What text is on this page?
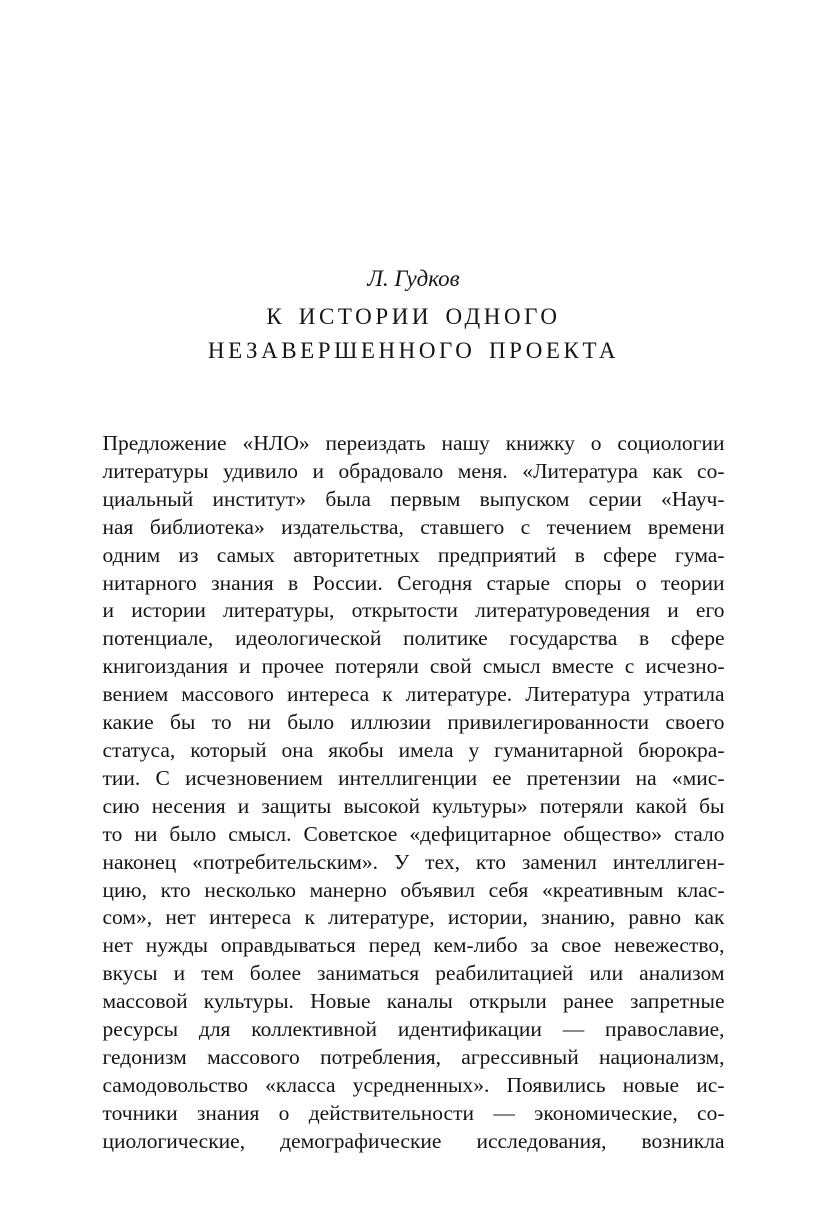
Л. Гудков

К ИСТОРИИ ОДНОГО
НЕЗАВЕРШЕННОГО ПРОЕКТА
Предложение «НЛО» переиздать нашу книжку о социологии
литературы удивило и обрадовало меня. «Литература как со-
циальный институт» была первым выпуском серии «Науч-
ная библиотека» издательства, ставшего с течением времени
одним из самых авторитетных предприятий в сфере гума-
нитарного знания в России. Сегодня старые споры о теории
и истории литературы, открытости литературоведения и его
потенциале, идеологической политике государства в сфере
книгоиздания и прочее потеряли свой смысл вместе с исчезно-
вением массового интереса к литературе. Литература утратила
какие бы то ни было иллюзии привилегированности своего
статуса, который она якобы имела у гуманитарной бюрокра-
тии. С исчезновением интеллигенции ее претензии на «мис-
сию несения и защиты высокой культуры» потеряли какой бы
то ни было смысл. Советское «дефицитарное общество» стало
наконец «потребительским». У тех, кто заменил интеллиген-
цию, кто несколько манерно объявил себя «креативным клас-
сом», нет интереса к литературе, истории, знанию, равно как
нет нужды оправдываться перед кем-либо за свое невежество,
вкусы и тем более заниматься реабилитацией или анализом
массовой культуры. Новые каналы открыли ранее запретные
ресурсы для коллективной идентификации — православие,
гедонизм массового потребления, агрессивный национализм,
самодовольство «класса усредненных». Появились новые ис-
точники знания о действительности — экономические, со-
циологические, демографические исследования, возникла
